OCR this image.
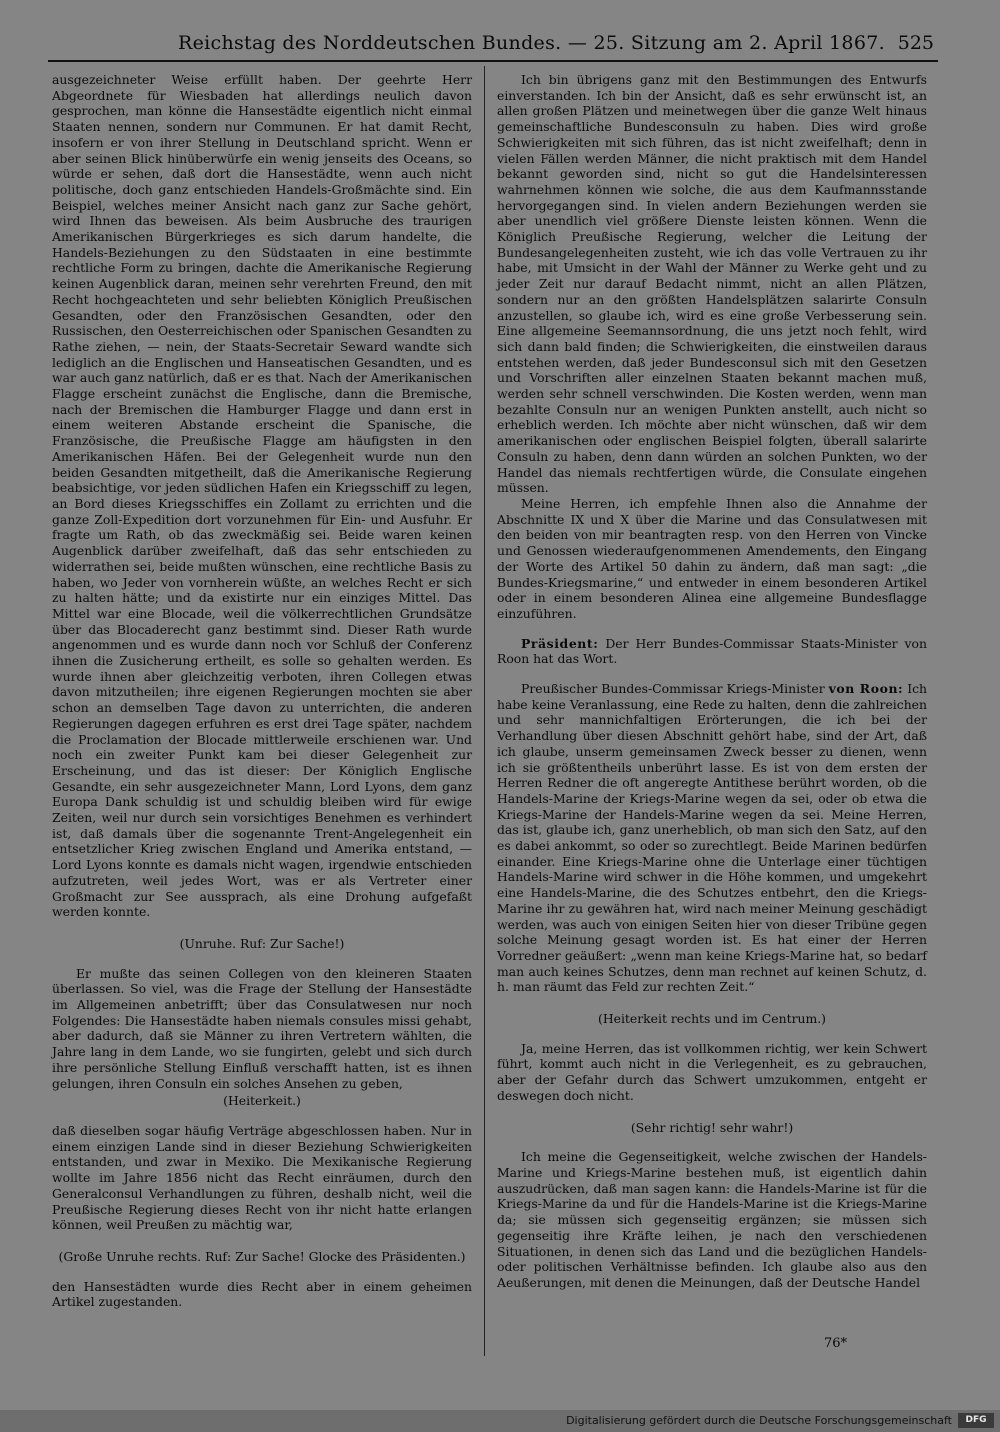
Reichstag des Norddeutschen Bundes. — 25. Sitzung am 2. April 1867. 525

ausgezeichneter Weise erfüllt haben. Der geehrte Herr Abgeordnete für Wiesbaden hat allerdings neulich davon gesprochen, man könne die Hansestädte eigentlich nicht einmal Staaten nennen, sondern nur Communen. Er hat damit Recht, insofern er von ihrer Stellung in Deutschland spricht. Wenn er aber seinen Blick hinüberwürfe ein wenig jenseits des Oceans, so würde er sehen, daß dort die Hansestädte, wenn auch nicht politische, doch ganz entschieden Handels-Großmächte sind. Ein Beispiel, welches meiner Ansicht nach ganz zur Sache gehört, wird Ihnen das beweisen. Als beim Ausbruche des traurigen Amerikanischen Bürgerkrieges es sich darum handelte, die Handels-Beziehungen zu den Südstaaten in eine bestimmte rechtliche Form zu bringen, dachte die Amerikanische Regierung keinen Augenblick daran, meinen sehr verehrten Freund, den mit Recht hochgeachteten und sehr beliebten Königlich Preußischen Gesandten, oder den Französischen Gesandten, oder den Russischen, den Oesterreichischen oder Spanischen Gesandten zu Rathe ziehen, — nein, der Staats-Secretair Seward wandte sich lediglich an die Englischen und Hanseatischen Gesandten, und es war auch ganz natürlich, daß er es that. Nach der Amerikanischen Flagge erscheint zunächst die Englische, dann die Bremische, nach der Bremischen die Hamburger Flagge und dann erst in einem weiteren Abstande erscheint die Spanische, die Französische, die Preußische Flagge am häufigsten in den Amerikanischen Häfen. Bei der Gelegenheit wurde nun den beiden Gesandten mitgetheilt, daß die Amerikanische Regierung beabsichtige, vor jeden südlichen Hafen ein Kriegsschiff zu legen, an Bord dieses Kriegsschiffes ein Zollamt zu errichten und die ganze Zoll-Expedition dort vorzunehmen für Ein- und Ausfuhr. Er fragte um Rath, ob das zweckmäßig sei. Beide waren keinen Augenblick darüber zweifelhaft, daß das sehr entschieden zu widerrathen sei, beide mußten wünschen, eine rechtliche Basis zu haben, wo Jeder von vornherein wüßte, an welches Recht er sich zu halten hätte; und da existirte nur ein einziges Mittel. Das Mittel war eine Blocade, weil die völkerrechtlichen Grundsätze über das Blocaderecht ganz bestimmt sind. Dieser Rath wurde angenommen und es wurde dann noch vor Schluß der Conferenz ihnen die Zusicherung ertheilt, es solle so gehalten werden. Es wurde ihnen aber gleichzeitig verboten, ihren Collegen etwas davon mitzutheilen; ihre eigenen Regierungen mochten sie aber schon an demselben Tage davon zu unterrichten, die anderen Regierungen dagegen erfuhren es erst drei Tage später, nachdem die Proclamation der Blocade mittlerweile erschienen war. Und noch ein zweiter Punkt kam bei dieser Gelegenheit zur Erscheinung, und das ist dieser: Der Königlich Englische Gesandte, ein sehr ausgezeichneter Mann, Lord Lyons, dem ganz Europa Dank schuldig ist und schuldig bleiben wird für ewige Zeiten, weil nur durch sein vorsichtiges Benehmen es verhindert ist, daß damals über die sogenannte Trent-Angelegenheit ein entsetzlicher Krieg zwischen England und Amerika entstand, — Lord Lyons konnte es damals nicht wagen, irgendwie entschieden aufzutreten, weil jedes Wort, was er als Vertreter einer Großmacht zur See aussprach, als eine Drohung aufgefaßt werden konnte.

(Unruhe. Ruf: Zur Sache!)

Er mußte das seinen Collegen von den kleineren Staaten überlassen. So viel, was die Frage der Stellung der Hansestädte im Allgemeinen anbetrifft; über das Consulatwesen nur noch Folgendes: Die Hansestädte haben niemals consules missi gehabt, aber dadurch, daß sie Männer zu ihren Vertretern wählten, die Jahre lang in dem Lande, wo sie fungirten, gelebt und sich durch ihre persönliche Stellung Einfluß verschafft hatten, ist es ihnen gelungen, ihren Consuln ein solches Ansehen zu geben,

(Heiterkeit.)

daß dieselben sogar häufig Verträge abgeschlossen haben. Nur in einem einzigen Lande sind in dieser Beziehung Schwierigkeiten entstanden, und zwar in Mexiko. Die Mexikanische Regierung wollte im Jahre 1856 nicht das Recht einräumen, durch den Generalconsul Verhandlungen zu führen, deshalb nicht, weil die Preußische Regierung dieses Recht von ihr nicht hatte erlangen können, weil Preußen zu mächtig war,

(Große Unruhe rechts. Ruf: Zur Sache! Glocke des Präsidenten.)

den Hansestädten wurde dies Recht aber in einem geheimen Artikel zugestanden.

Ich bin übrigens ganz mit den Bestimmungen des Entwurfs einverstanden. Ich bin der Ansicht, daß es sehr erwünscht ist, an allen großen Plätzen und meinetwegen über die ganze Welt hinaus gemeinschaftliche Bundesconsuln zu haben. Dies wird große Schwierigkeiten mit sich führen, das ist nicht zweifelhaft; denn in vielen Fällen werden Männer, die nicht praktisch mit dem Handel bekannt geworden sind, nicht so gut die Handelsinteressen wahrnehmen können wie solche, die aus dem Kaufmannsstande hervorgegangen sind. In vielen andern Beziehungen werden sie aber unendlich viel größere Dienste leisten können. Wenn die Königlich Preußische Regierung, welcher die Leitung der Bundesangelegenheiten zusteht, wie ich das volle Vertrauen zu ihr habe, mit Umsicht in der Wahl der Männer zu Werke geht und zu jeder Zeit nur darauf Bedacht nimmt, nicht an allen Plätzen, sondern nur an den größten Handelsplätzen salarirte Consuln anzustellen, so glaube ich, wird es eine große Verbesserung sein. Eine allgemeine Seemannsordnung, die uns jetzt noch fehlt, wird sich dann bald finden; die Schwierigkeiten, die einstweilen daraus entstehen werden, daß jeder Bundesconsul sich mit den Gesetzen und Vorschriften aller einzelnen Staaten bekannt machen muß, werden sehr schnell verschwinden. Die Kosten werden, wenn man bezahlte Consuln nur an wenigen Punkten anstellt, auch nicht so erheblich werden. Ich möchte aber nicht wünschen, daß wir dem amerikanischen oder englischen Beispiel folgten, überall salarirte Consuln zu haben, denn dann würden an solchen Punkten, wo der Handel das niemals rechtfertigen würde, die Consulate eingehen müssen.

Meine Herren, ich empfehle Ihnen also die Annahme der Abschnitte IX und X über die Marine und das Consulatwesen mit den beiden von mir beantragten resp. von den Herren von Vincke und Genossen wiederaufgenommenen Amendements, den Eingang der Worte des Artikel 50 dahin zu ändern, daß man sagt: „die Bundes-Kriegsmarine,“ und entweder in einem besonderen Artikel oder in einem besonderen Alinea eine allgemeine Bundesflagge einzuführen.

Präsident: Der Herr Bundes-Commissar Staats-Minister von Roon hat das Wort.

Preußischer Bundes-Commissar Kriegs-Minister von Roon: Ich habe keine Veranlassung, eine Rede zu halten, denn die zahlreichen und sehr mannichfaltigen Erörterungen, die ich bei der Verhandlung über diesen Abschnitt gehört habe, sind der Art, daß ich glaube, unserm gemeinsamen Zweck besser zu dienen, wenn ich sie größtentheils unberührt lasse. Es ist von dem ersten der Herren Redner die oft angeregte Antithese berührt worden, ob die Handels-Marine der Kriegs-Marine wegen da sei, oder ob etwa die Kriegs-Marine der Handels-Marine wegen da sei. Meine Herren, das ist, glaube ich, ganz unerheblich, ob man sich den Satz, auf den es dabei ankommt, so oder so zurechtlegt. Beide Marinen bedürfen einander. Eine Kriegs-Marine ohne die Unterlage einer tüchtigen Handels-Marine wird schwer in die Höhe kommen, und umgekehrt eine Handels-Marine, die des Schutzes entbehrt, den die Kriegs-Marine ihr zu gewähren hat, wird nach meiner Meinung geschädigt werden, was auch von einigen Seiten hier von dieser Tribüne gegen solche Meinung gesagt worden ist. Es hat einer der Herren Vorredner geäußert: „wenn man keine Kriegs-Marine hat, so bedarf man auch keines Schutzes, denn man rechnet auf keinen Schutz, d. h. man räumt das Feld zur rechten Zeit.“

(Heiterkeit rechts und im Centrum.)

Ja, meine Herren, das ist vollkommen richtig, wer kein Schwert führt, kommt auch nicht in die Verlegenheit, es zu gebrauchen, aber der Gefahr durch das Schwert umzukommen, entgeht er deswegen doch nicht.

(Sehr richtig! sehr wahr!)

Ich meine die Gegenseitigkeit, welche zwischen der Handels-Marine und Kriegs-Marine bestehen muß, ist eigentlich dahin auszudrücken, daß man sagen kann: die Handels-Marine ist für die Kriegs-Marine da und für die Handels-Marine ist die Kriegs-Marine da; sie müssen sich gegenseitig ergänzen; sie müssen sich gegenseitig ihre Kräfte leihen, je nach den verschiedenen Situationen, in denen sich das Land und die bezüglichen Handels- oder politischen Verhältnisse befinden. Ich glaube also aus den Aeußerungen, mit denen die Meinungen, daß der Deutsche Handel

76*
Digitalisierung gefördert durch die Deutsche Forschungsgemeinschaft	DFG
